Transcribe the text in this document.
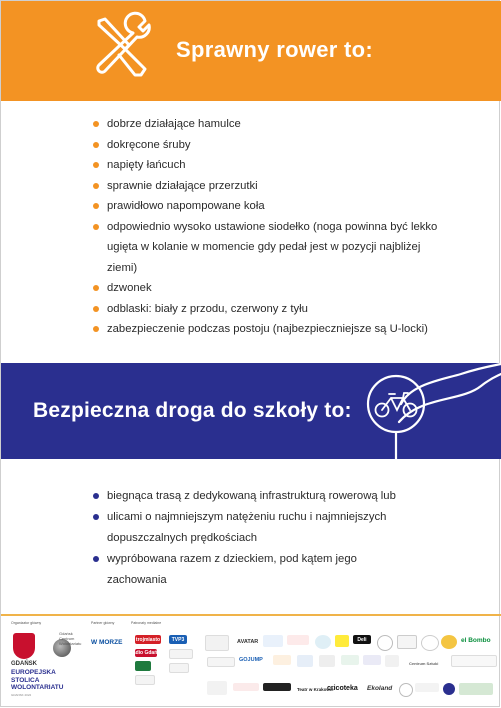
Sprawny rower to:
dobrze działające hamulce
dokręcone śruby
napięty łańcuch
sprawnie działające przerzutki
prawidłowo napompowane koła
odpowiednio wysoko ustawione siodełko (noga powinna być lekko ugięta w kolanie w momencie gdy pedał jest w pozycji najbliżej ziemi)
dzwonek
odblaski: biały z przodu, czerwony z tyłu
zabezpieczenie podczas postoju (najbezpieczniejsze są U-locki)
Bezpieczna droga do szkoły to:
biegnąca trasą z dedykowaną infrastrukturą rowerową lub
ulicami o najmniejszym natężeniu ruchu i najmniejszych dopuszczalnych prędkościach
wypróbowana razem z dzieckiem, pod kątem jego zachowania
Organizator główny	Partner główny	Patronaty medialne
GDAŃSK
EUROPEJSKA STOLICA WOLONTARIATU
GDANSK 2022
Gdańsk Centrum Wolontariatu W MORZE	trojmiasto	TVP3
Radio Gdańsk
AVATAR	Deli
GOJUMP
Teatr w Krakowie
cricoteka Ekoland
el Bombo
Centrum Sztuki
